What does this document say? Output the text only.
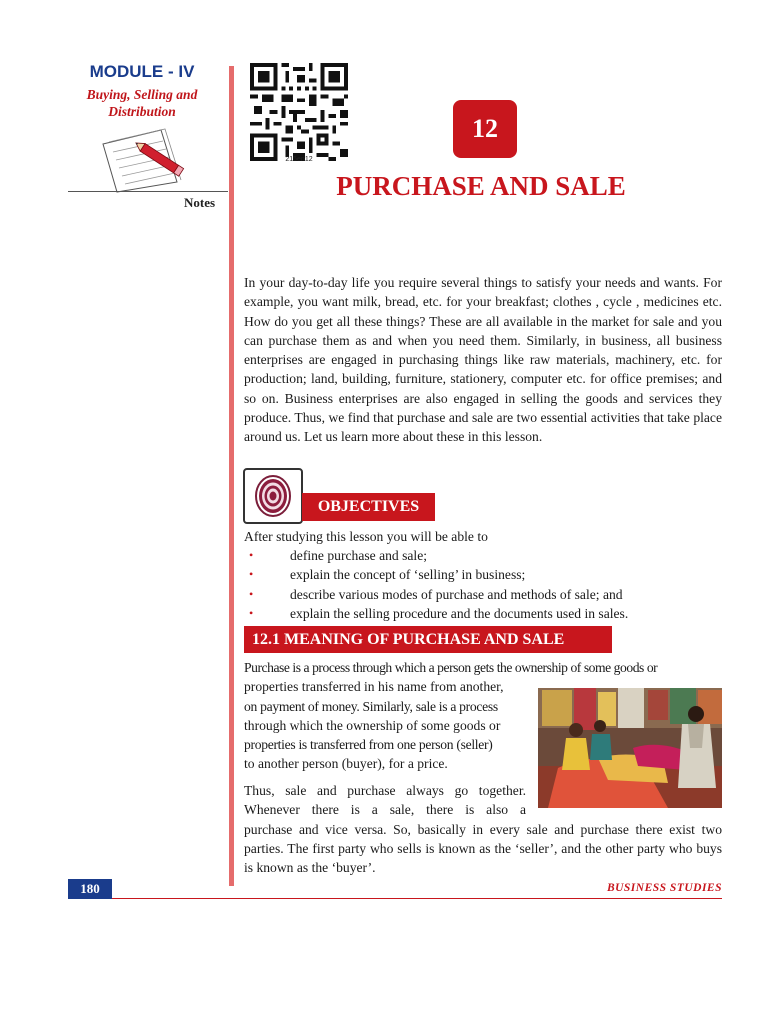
MODULE - IV
Buying, Selling and
Distribution
Notes
215en12
12
PURCHASE AND SALE
In your day-to-day life you require several things to satisfy your needs and wants. For example, you want milk, bread, etc. for your breakfast; clothes , cycle , medicines etc. How do you get all these things? These are all available in the market for sale and you can purchase them as and when you need them. Similarly, in business, all business enterprises are engaged in purchasing things like raw materials, machinery, etc. for production; land, building, furniture, stationery, computer etc. for office premises; and so on. Business enterprises are also engaged in selling the goods and services they produce. Thus, we find that purchase and sale are two essential activities that take place around us. Let us learn more about these in this lesson.
OBJECTIVES
After studying this lesson you will be able to
•	define purchase and sale;
•	explain the concept of ‘selling’ in business;
•	describe various modes of purchase and methods of sale; and
•	explain the selling procedure and the documents used in sales.
12.1 MEANING OF PURCHASE AND SALE
Purchase is a process through which a person gets the ownership of some goods or
properties transferred in his name from another,
on payment of money. Similarly, sale is a process
through which the ownership of some goods or
properties is transferred from one person (seller)
to another person (buyer), for a price.
Thus, sale and purchase always go together.
Whenever there is a sale, there is also a
purchase and vice versa. So, basically in every sale and purchase there exist two parties. The first party who sells is known as the ‘seller’, and the other party who buys is known as the ‘buyer’.
180	BUSINESS STUDIES
